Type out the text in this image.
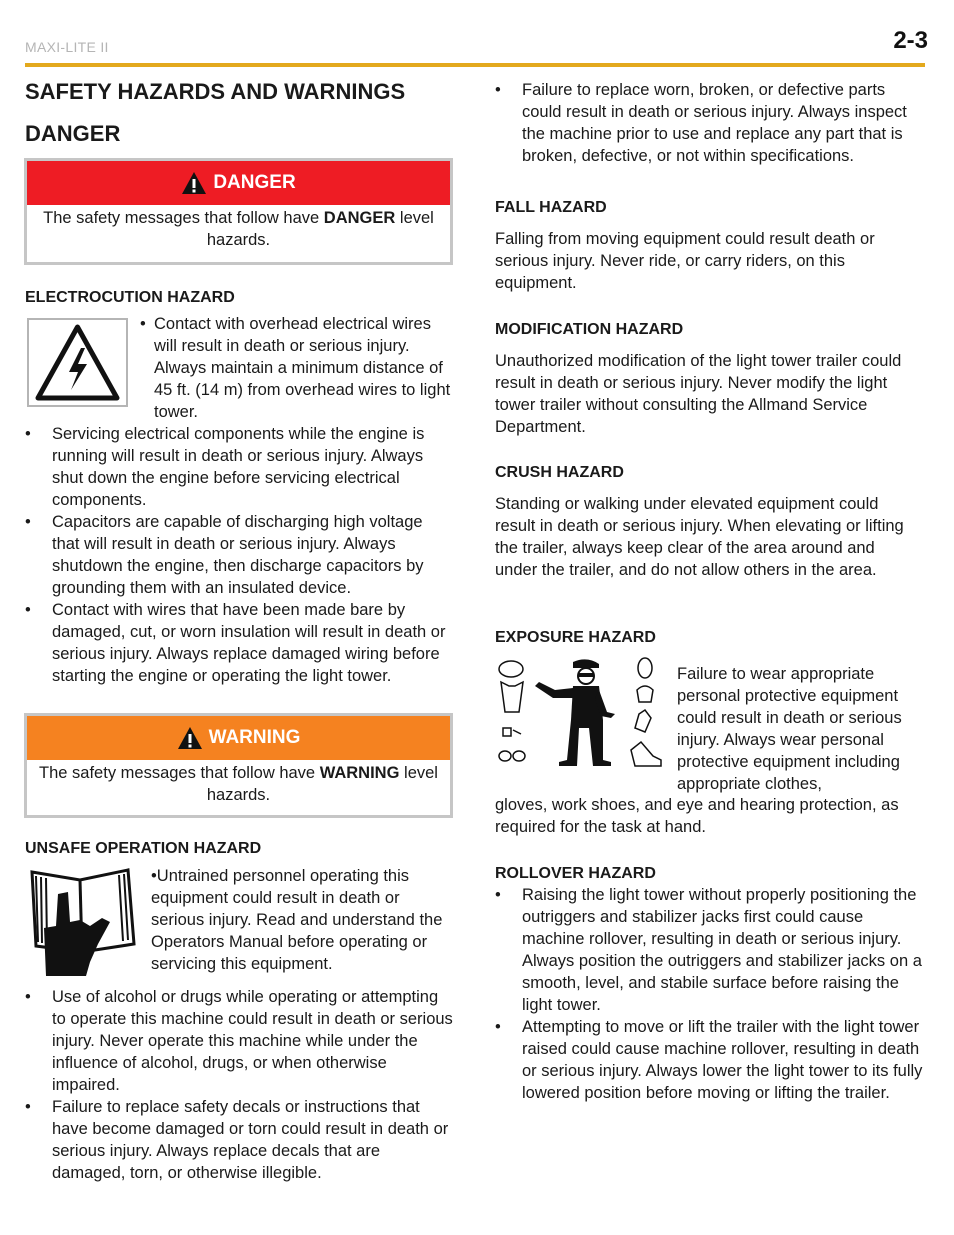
MAXI-LITE II	2-3
SAFETY HAZARDS AND WARNINGS
DANGER
DANGER
The safety messages that follow have DANGER level hazards.
ELECTROCUTION HAZARD
• Contact with overhead electrical wires will result in death or serious injury. Always maintain a minimum distance of 45 ft. (14 m) from overhead wires to light tower.
• Servicing electrical components while the engine is running will result in death or serious injury. Always shut down the engine before servicing electrical components.
• Capacitors are capable of discharging high voltage that will result in death or serious injury. Always shutdown the engine, then discharge capacitors by grounding them with an insulated device.
• Contact with wires that have been made bare by damaged, cut, or worn insulation will result in death or serious injury. Always replace damaged wiring before starting the engine or operating the light tower.
WARNING
The safety messages that follow have WARNING level hazards.
UNSAFE OPERATION HAZARD
•Untrained personnel operating this equipment could result in death or serious injury. Read and understand the Operators Manual before operating or servicing this equipment.
• Use of alcohol or drugs while operating or attempting to operate this machine could result in death or serious injury. Never operate this machine while under the influence of alcohol, drugs, or when otherwise impaired.
• Failure to replace safety decals or instructions that have become damaged or torn could result in death or serious injury. Always replace decals that are damaged, torn, or otherwise illegible.
• Failure to replace worn, broken, or defective parts could result in death or serious injury. Always inspect the machine prior to use and replace any part that is broken, defective, or not within specifications.
FALL HAZARD

Falling from moving equipment could result death or serious injury. Never ride, or carry riders, on this equipment.

MODIFICATION HAZARD

Unauthorized modification of the light tower trailer could result in death or serious injury. Never modify the light tower trailer without consulting the Allmand Service Department.

CRUSH HAZARD

Standing or walking under elevated equipment could result in death or serious injury. When elevating or lifting the trailer, always keep clear of the area around and under the trailer, and do not allow others in the area.

EXPOSURE HAZARD

Failure to wear appropriate personal protective equipment could result in death or serious injury. Always wear personal protective equipment including appropriate clothes,

gloves, work shoes, and eye and hearing protection, as required for the task at hand.

ROLLOVER HAZARD
• Raising the light tower without properly positioning the outriggers and stabilizer jacks first could cause machine rollover, resulting in death or serious injury. Always position the outriggers and stabilizer jacks on a smooth, level, and stabile surface before raising the light tower.
• Attempting to move or lift the trailer with the light tower raised could cause machine rollover, resulting in death or serious injury. Always lower the light tower to its fully lowered position before moving or lifting the trailer.
